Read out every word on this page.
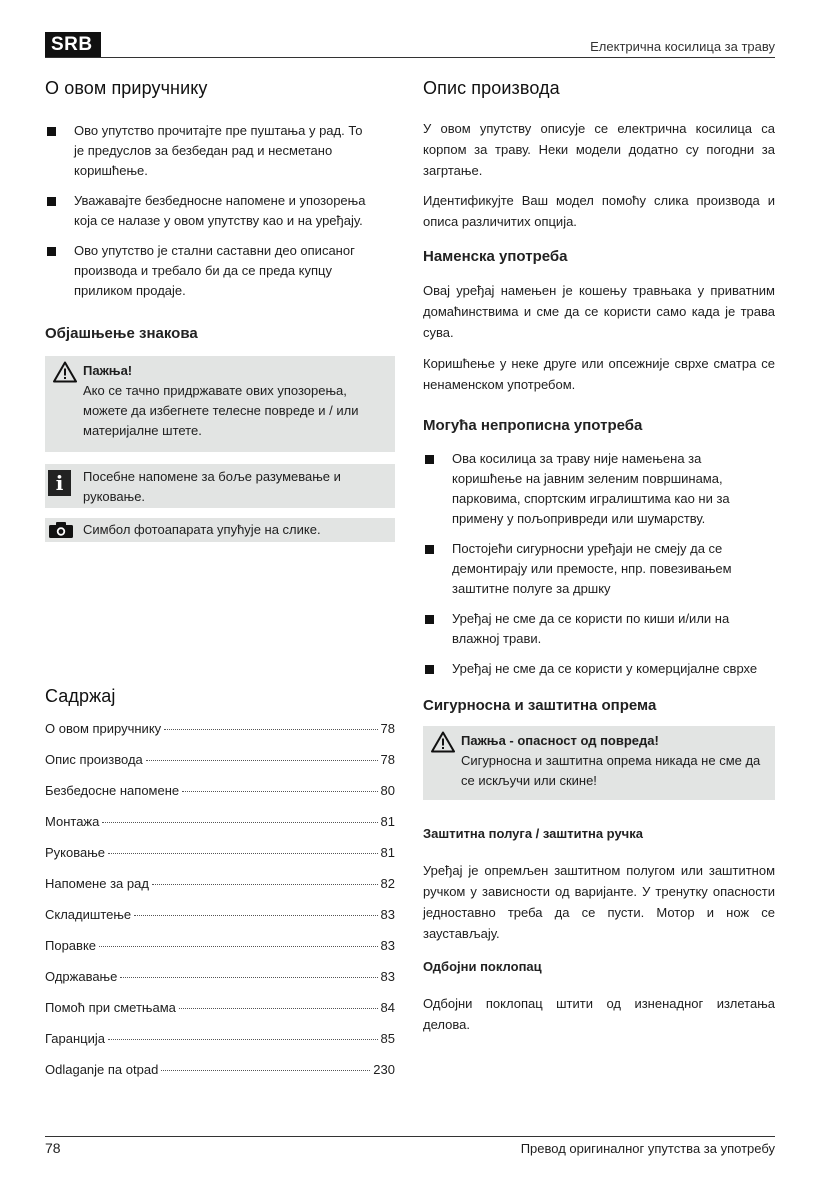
SRB	Електрична косилица за траву
О овом приручнику
Ово упутство прочитајте пре пуштања у рад. То је предуслов за безбедан рад и несметано коришћење.
Уважавајте безбедносне напомене и упозорења која се налазе у овом упутству као и на уређају.
Ово упутство је стални саставни део описаног производа и требало би да се преда купцу приликом продаје.
Објашњење знакова
Пажња!
Ако се тачно придржавате ових упозорења, можете да избегнете телесне повреде и / или материјалне штете.
i	Посебне напомене за боље разумевање и руковање.
Симбол фотоапарата упућује на слике.
Садржај
О овом приручнику	78
Опис производа	78
Безбедосне напомене	80
Монтажа	81
Руковање	81
Напомене за рад	82
Складиштење	83
Поравке	83
Одржавање	83
Помоћ при сметњама	84
Гаранција	85
Odlaganje па otpad	230
Опис производа

У овом упутству описује се електрична косилица са корпом за траву. Неки модели додатно су погодни за загртање.

Идентификујте Ваш модел помоћу слика производа и описа различитих опција.

Наменска употреба

Овај уређај намењен је кошењу травњака у приватним домаћинствима и сме да се користи само када је трава сува.

Коришћење у неке друге или опсежније сврхе сматра се ненаменском употребом.

Могућа непрописна употреба
Ова косилица за траву није намењена за коришћење на јавним зеленим површинама, парковима, спортским игралиштима као ни за примену у пољопривреди или шумарству.
Постојећи сигурносни уређаји не смеју да се демонтирају или премосте, нпр. повезивањем заштитне полуге за дршку
Уређај не сме да се користи по киши и/или на влажној трави.
Уређај не сме да се користи у комерцијалне сврхе
Сигурносна и заштитна опрема
Пажња - опасност од повреда!
Сигурносна и заштитна опрема никада не сме да се искључи или скине!
Заштитна полуга / заштитна ручка

Уређај је опремљен заштитном полугом или заштитном ручком у зависности од варијанте. У тренутку опасности једноставно треба да се пусти. Мотор и нож се заустављају.

Одбојни поклопац

Одбојни поклопац штити од изненадног излетања делова.

78	Превод оригиналног упутства за употребу
